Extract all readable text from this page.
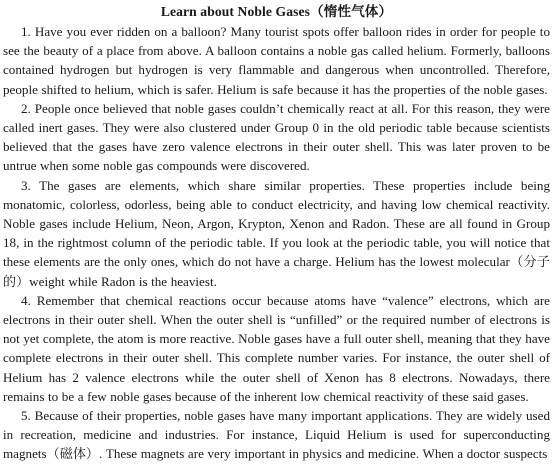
Learn about Noble Gases（惰性气体）

1. Have you ever ridden on a balloon? Many tourist spots offer balloon rides in order for people to see the beauty of a place from above. A balloon contains a noble gas called helium. Formerly, balloons contained hydrogen but hydrogen is very flammable and dangerous when uncontrolled. Therefore, people shifted to helium, which is safer. Helium is safe because it has the properties of the noble gases.

2. People once believed that noble gases couldn’t chemically react at all. For this reason, they were called inert gases. They were also clustered under Group 0 in the old periodic table because scientists believed that the gases have zero valence electrons in their outer shell. This was later proven to be untrue when some noble gas compounds were discovered.

3. The gases are elements, which share similar properties. These properties include being monatomic, colorless, odorless, being able to conduct electricity, and having low chemical reactivity. Noble gases include Helium, Neon, Argon, Krypton, Xenon and Radon. These are all found in Group 18, in the rightmost column of the periodic table. If you look at the periodic table, you will notice that these elements are the only ones, which do not have a charge. Helium has the lowest molecular（分子的）weight while Radon is the heaviest.

4. Remember that chemical reactions occur because atoms have “valence” electrons, which are electrons in their outer shell. When the outer shell is “unfilled” or the required number of electrons is not yet complete, the atom is more reactive. Noble gases have a full outer shell, meaning that they have complete electrons in their outer shell. This complete number varies. For instance, the outer shell of Helium has 2 valence electrons while the outer shell of Xenon has 8 electrons. Nowadays, there remains to be a few noble gases because of the inherent low chemical reactivity of these said gases.

5. Because of their properties, noble gases have many important applications. They are widely used in recreation, medicine and industries. For instance, Liquid Helium is used for superconducting magnets（磁体）. These magnets are very important in physics and medicine. When a doctor suspects
